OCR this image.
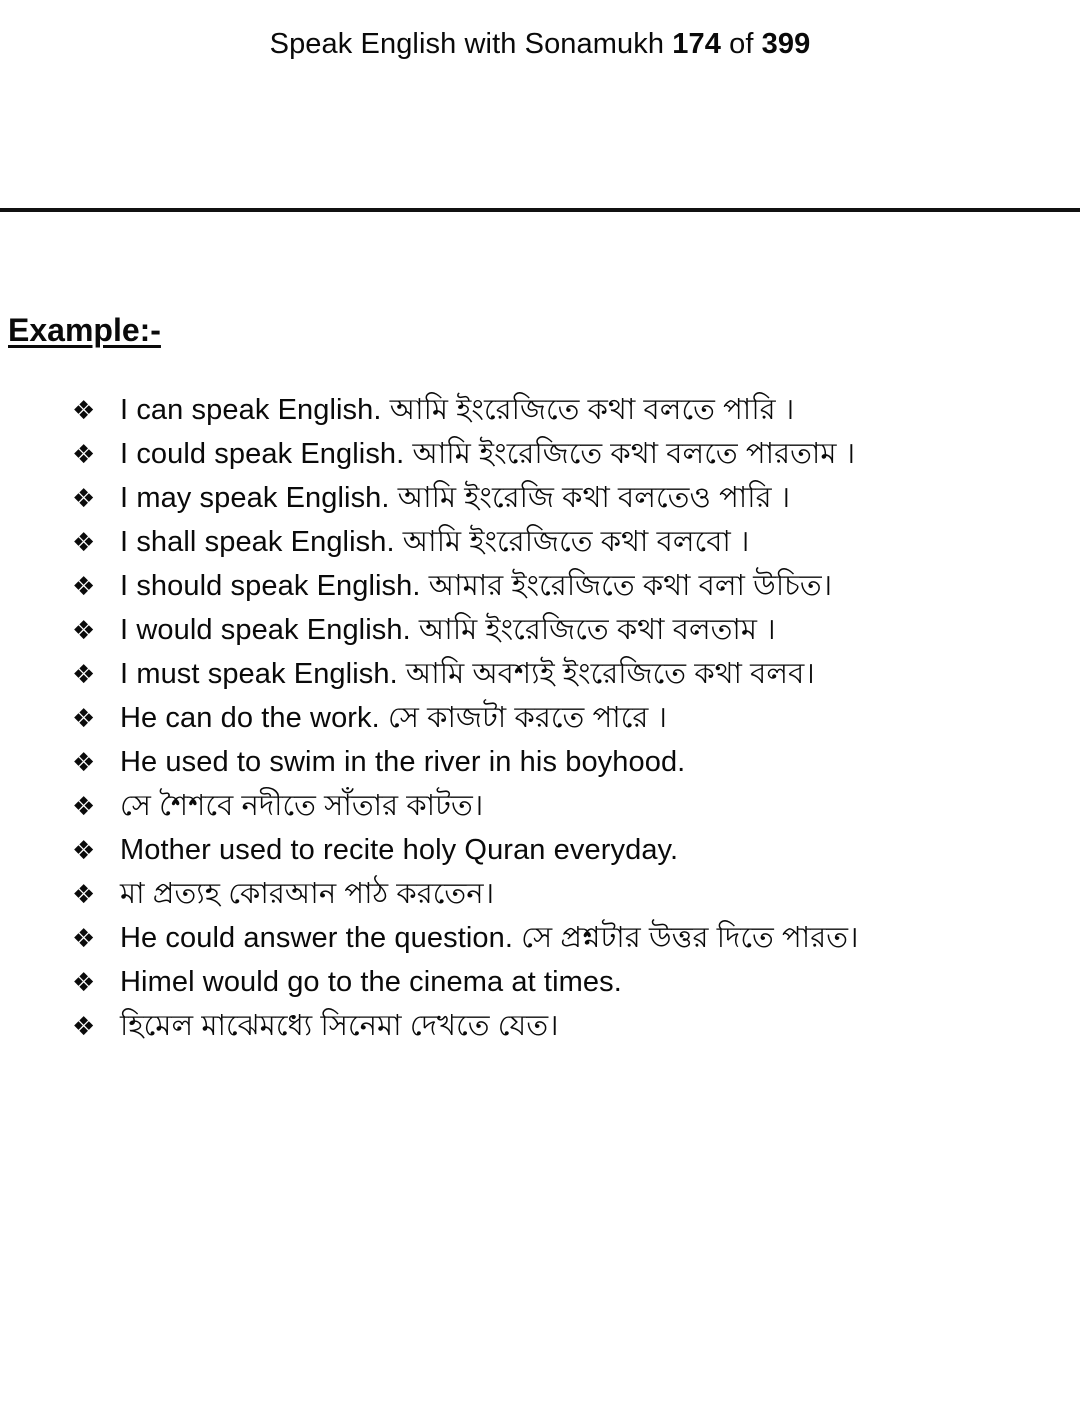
Speak English with Sonamukh 174 of 399
Example:-
❖ I can speak English. আমি ইংরেজিতে কথা বলতে পারি ।
❖ I could speak English. আমি ইংরেজিতে কথা বলতে পারতাম ।
❖ I may speak English. আমি ইংরেজি কথা বলতেও পারি ।
❖ I shall speak English. আমি ইংরেজিতে কথা বলবো ।
❖ I should speak English. আমার ইংরেজিতে কথা বলা উচিত।
❖ I would speak English. আমি ইংরেজিতে কথা বলতাম ।
❖ I must speak English. আমি অবশ্যই ইংরেজিতে কথা বলব।
❖ He can do the work. সে কাজটা করতে পারে ।
❖ He used to swim in the river in his boyhood.
❖ সে শৈশবে নদীতে সাঁতার কাটত।
❖ Mother used to recite holy Quran everyday.
❖ মা প্রত্যহ কোরআন পাঠ করতেন।
❖ He could answer the question. সে প্রশ্নটার উত্তর দিতে পারত।
❖ Himel would go to the cinema at times.
❖ হিমেল মাঝেমধ্যে সিনেমা দেখতে যেত।
